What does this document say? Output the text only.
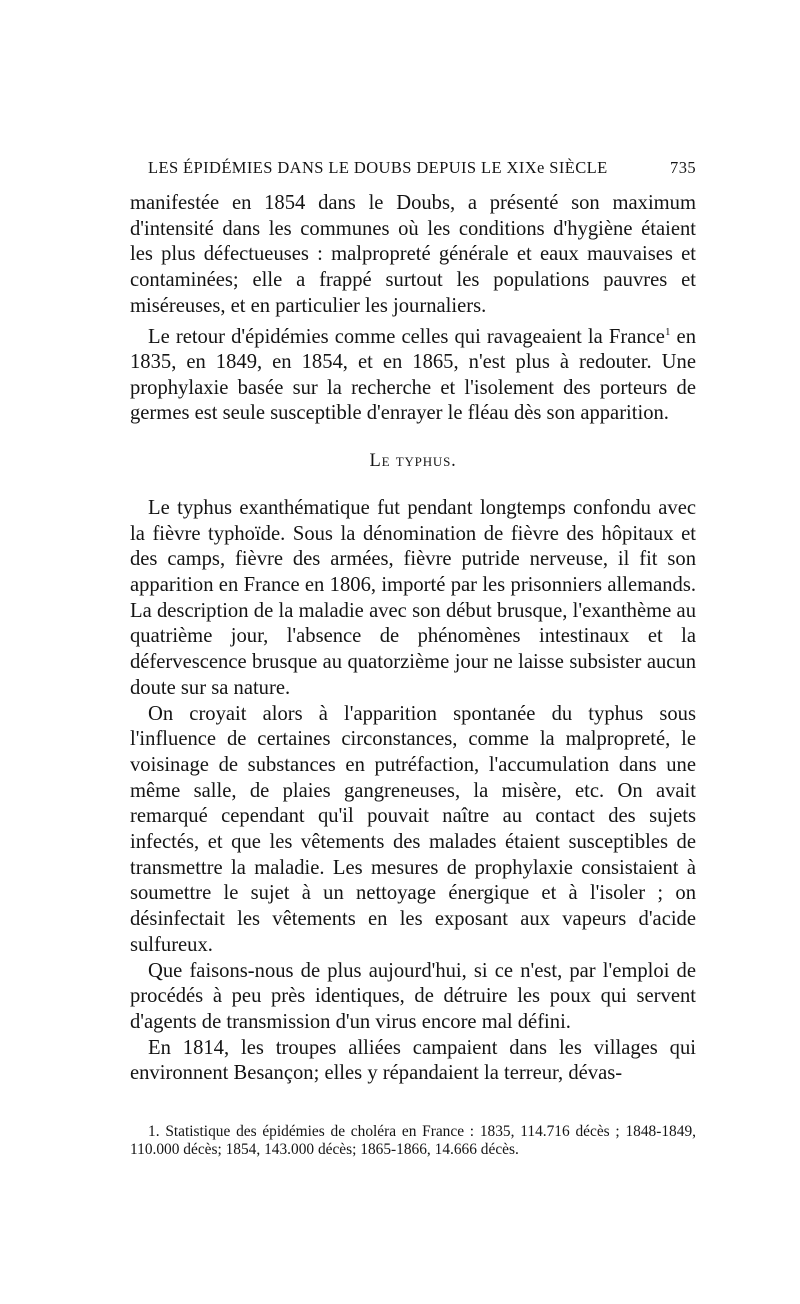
LES ÉPIDÉMIES DANS LE DOUBS DEPUIS LE XIXe SIÈCLE	735

manifestée en 1854 dans le Doubs, a présenté son maximum d'intensité dans les communes où les conditions d'hygiène étaient les plus défectueuses : malpropreté générale et eaux mauvaises et contaminées; elle a frappé surtout les populations pauvres et miséreuses, et en particulier les journaliers.

Le retour d'épidémies comme celles qui ravageaient la France$^1$ en 1835, en 1849, en 1854, et en 1865, n'est plus à redouter. Une prophylaxie basée sur la recherche et l'isolement des porteurs de germes est seule susceptible d'enrayer le fléau dès son apparition.

Le typhus.

Le typhus exanthématique fut pendant longtemps confondu avec la fièvre typhoïde. Sous la dénomination de fièvre des hôpitaux et des camps, fièvre des armées, fièvre putride nerveuse, il fit son apparition en France en 1806, importé par les prisonniers allemands. La description de la maladie avec son début brusque, l'exanthème au quatrième jour, l'absence de phénomènes intestinaux et la défervescence brusque au quatorzième jour ne laisse subsister aucun doute sur sa nature.

On croyait alors à l'apparition spontanée du typhus sous l'influence de certaines circonstances, comme la malpropreté, le voisinage de substances en putréfaction, l'accumulation dans une même salle, de plaies gangreneuses, la misère, etc. On avait remarqué cependant qu'il pouvait naître au contact des sujets infectés, et que les vêtements des malades étaient susceptibles de transmettre la maladie. Les mesures de prophylaxie consistaient à soumettre le sujet à un nettoyage énergique et à l'isoler ; on désinfectait les vêtements en les exposant aux vapeurs d'acide sulfureux.

Que faisons-nous de plus aujourd'hui, si ce n'est, par l'emploi de procédés à peu près identiques, de détruire les poux qui servent d'agents de transmission d'un virus encore mal défini.

En 1814, les troupes alliées campaient dans les villages qui environnent Besançon; elles y répandaient la terreur, dévas-

1. Statistique des épidémies de choléra en France : 1835, 114.716 décès ; 1848-1849, 110.000 décès; 1854, 143.000 décès; 1865-1866, 14.666 décès.
